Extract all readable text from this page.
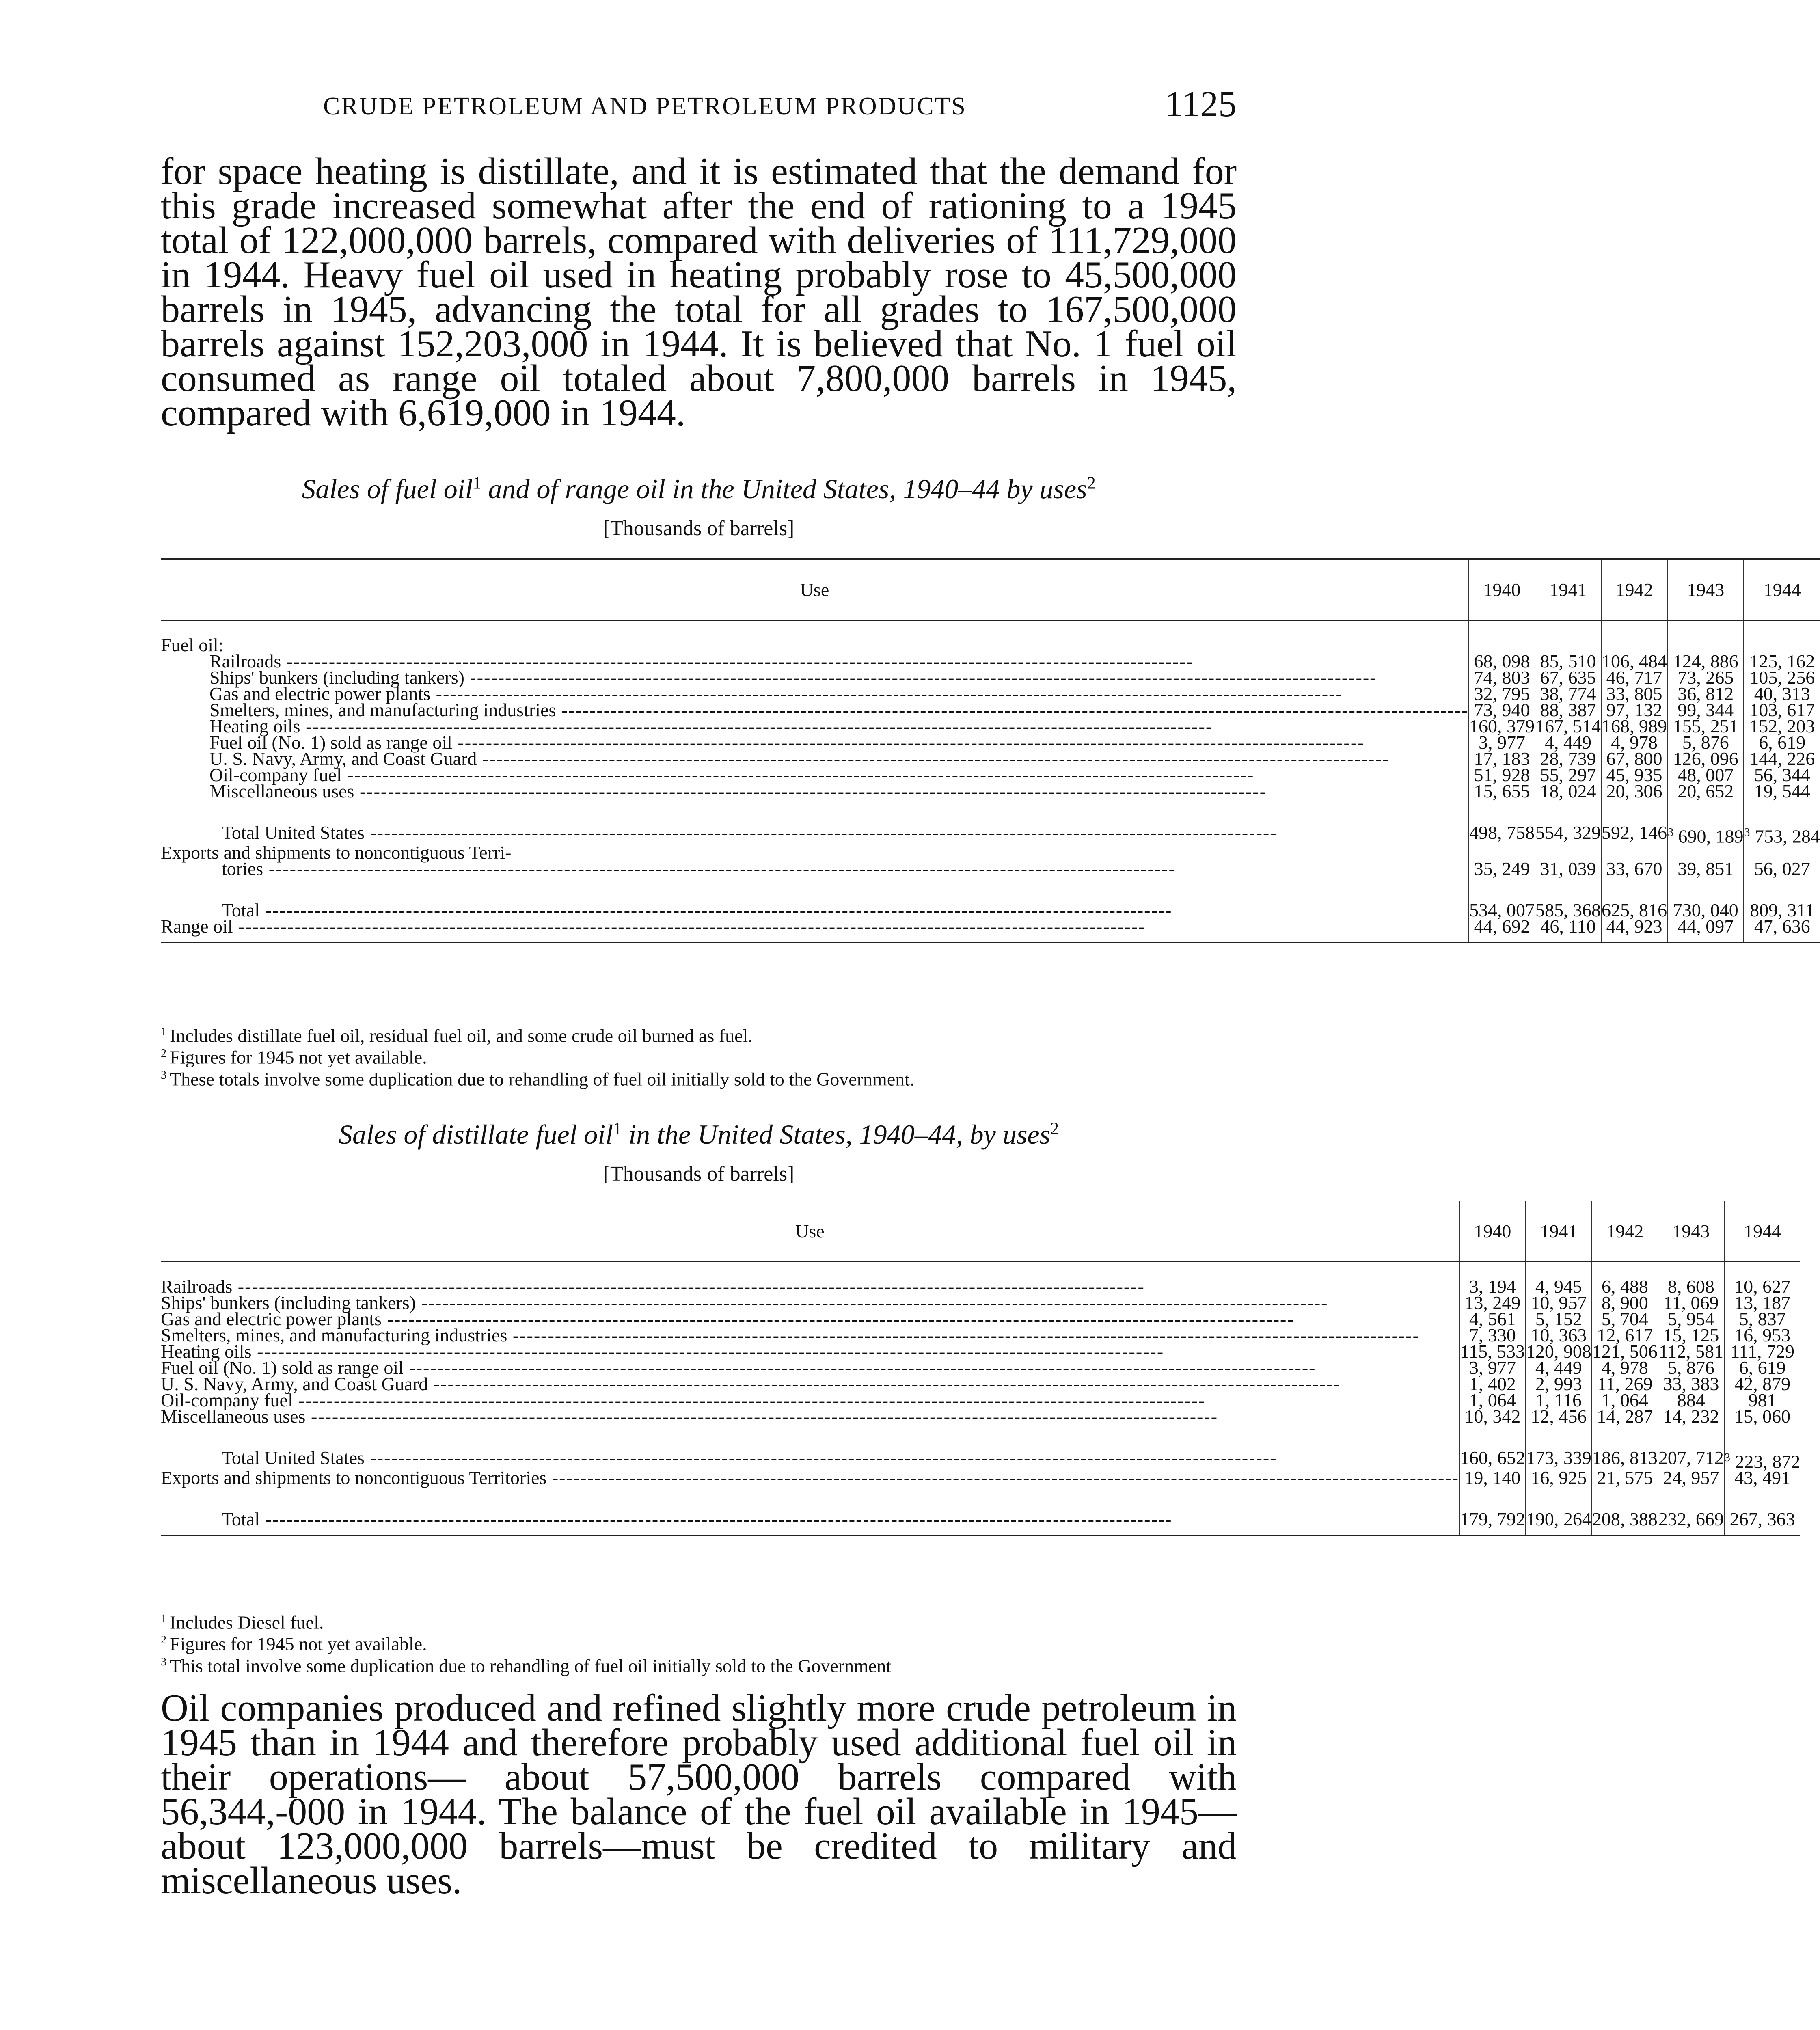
CRUDE PETROLEUM AND PETROLEUM PRODUCTS	1125

for space heating is distillate, and it is estimated that the demand for this grade increased somewhat after the end of rationing to a 1945 total of 122,000,000 barrels, compared with deliveries of 111,729,000 in 1944. Heavy fuel oil used in heating probably rose to 45,500,000 barrels in 1945, advancing the total for all grades to 167,500,000 barrels against 152,203,000 in 1944. It is believed that No. 1 fuel oil consumed as range oil totaled about 7,800,000 barrels in 1945, compared with 6,619,000 in 1944.

Sales of fuel oil$^1$ and of range oil in the United States, 1940–44 by uses$^2$
[Thousands of barrels]
Use	1940	1941	1942	1943	1944
Fuel oil:					
Railroads -----	68, 098	85, 510	106, 484	124, 886	125, 162
Ships' bunkers (including tankers) -----	74, 803	67, 635	46, 717	73, 265	105, 256
Gas and electric power plants -----	32, 795	38, 774	33, 805	36, 812	40, 313
Smelters, mines, and manufacturing industries -----	73, 940	88, 387	97, 132	99, 344	103, 617
Heating oils -----	160, 379	167, 514	168, 989	155, 251	152, 203
Fuel oil (No. 1) sold as range oil -----	3, 977	4, 449	4, 978	5, 876	6, 619
U. S. Navy, Army, and Coast Guard -----	17, 183	28, 739	67, 800	126, 096	144, 226
Oil-company fuel -----	51, 928	55, 297	45, 935	48, 007	56, 344
Miscellaneous uses -----	15, 655	18, 024	20, 306	20, 652	19, 544

Total United States -----	498, 758	554, 329	592, 146	$^3$ 690, 189	$^3$ 753, 284
Exports and shipments to noncontiguous Terri-					
tories -----	35, 249	31, 039	33, 670	39, 851	56, 027

Total -----	534, 007	585, 368	625, 816	730, 040	809, 311
Range oil -----	44, 692	46, 110	44, 923	44, 097	47, 636
$^1$ Includes distillate fuel oil, residual fuel oil, and some crude oil burned as fuel.
$^2$ Figures for 1945 not yet available.
$^3$ These totals involve some duplication due to rehandling of fuel oil initially sold to the Government.
Sales of distillate fuel oil$^1$ in the United States, 1940–44, by uses$^2$
[Thousands of barrels]
Use	1940	1941	1942	1943	1944
Railroads -----	3, 194	4, 945	6, 488	8, 608	10, 627
Ships' bunkers (including tankers) -----	13, 249	10, 957	8, 900	11, 069	13, 187
Gas and electric power plants -----	4, 561	5, 152	5, 704	5, 954	5, 837
Smelters, mines, and manufacturing industries -----	7, 330	10, 363	12, 617	15, 125	16, 953
Heating oils -----	115, 533	120, 908	121, 506	112, 581	111, 729
Fuel oil (No. 1) sold as range oil -----	3, 977	4, 449	4, 978	5, 876	6, 619
U. S. Navy, Army, and Coast Guard -----	1, 402	2, 993	11, 269	33, 383	42, 879
Oil-company fuel -----	1, 064	1, 116	1, 064	884	981
Miscellaneous uses -----	10, 342	12, 456	14, 287	14, 232	15, 060

Total United States -----	160, 652	173, 339	186, 813	207, 712	$^3$ 223, 872
Exports and shipments to noncontiguous Territories -----	19, 140	16, 925	21, 575	24, 957	43, 491

Total -----	179, 792	190, 264	208, 388	232, 669	267, 363
$^1$ Includes Diesel fuel.
$^2$ Figures for 1945 not yet available.
$^3$ This total involve some duplication due to rehandling of fuel oil initially sold to the Government

Oil companies produced and refined slightly more crude petroleum in 1945 than in 1944 and therefore probably used additional fuel oil in their operations— about 57,500,000 barrels compared with 56,344,-000 in 1944. The balance of the fuel oil available in 1945—about 123,000,000 barrels—must be credited to military and miscellaneous uses.
